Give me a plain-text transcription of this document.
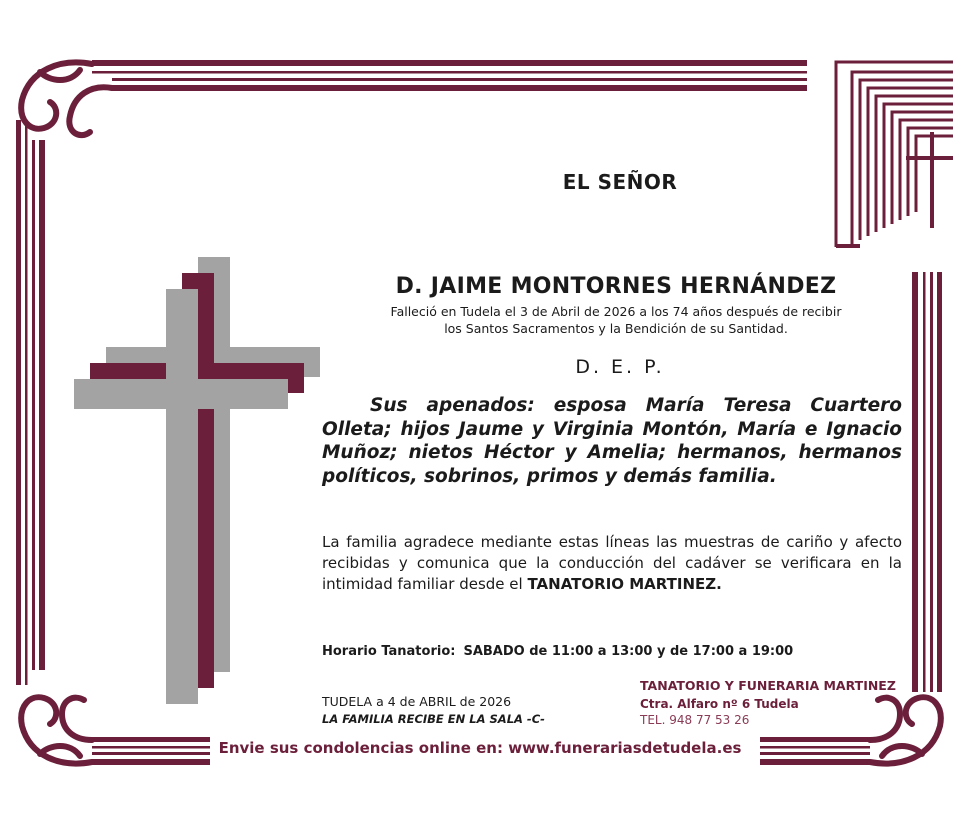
EL SEÑOR
D. JAIME MONTORNES HERNÁNDEZ
Falleció en Tudela el 3 de Abril de 2026 a los 74 años después de recibir
los Santos Sacramentos y la Bendición de su Santidad.
D. E. P.
Sus apenados: esposa María Teresa Cuartero Olleta; hijos Jaume y Virginia Montón, María e Ignacio Muñoz; nietos Héctor y Amelia; hermanos, hermanos políticos, sobrinos, primos y demás familia.
La familia agradece mediante estas líneas las muestras de cariño y afecto recibidas y comunica que la conducción del cadáver se verificara en la intimidad familiar desde el TANATORIO MARTINEZ.
Horario Tanatorio: SABADO de 11:00 a 13:00 y de 17:00 a 19:00
TUDELA a 4 de ABRIL de 2026
LA FAMILIA RECIBE EN LA SALA -C-
TANATORIO Y FUNERARIA MARTINEZ
Ctra. Alfaro nº 6 Tudela
TEL. 948 77 53 26
Envie sus condolencias online en: www.funerariasdetudela.es
